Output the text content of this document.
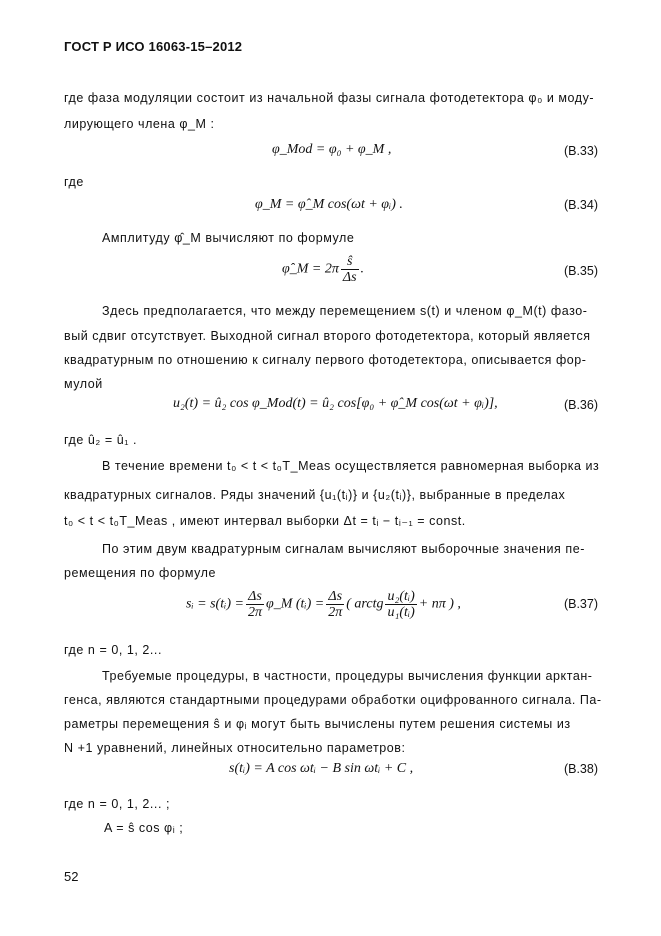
ГОСТ Р ИСО 16063-15–2012
где фаза модуляции состоит из начальной фазы сигнала фотодетектора φ₀ и моду-
лирующего члена φ_M :
φ_Mod = φ₀ + φ_M ,	(В.33)
где
φ_M = φ̂_M cos(ωt + φᵢ) .	(В.34)
Амплитуду φ̂_M вычисляют по формуле
φ̂_M = $2\pi \frac{ŝ}{\Delta s}$ .	(В.35)
Здесь предполагается, что между перемещением s(t) и членом φ_M(t) фазо-
вый сдвиг отсутствует. Выходной сигнал второго фотодетектора, который является
квадратурным по отношению к сигналу первого фотодетектора, описывается фор-
мулой
u₂(t) = û₂ cos φ_Mod(t) = û₂ cos[φ₀ + φ̂_M cos(ωt + φᵢ)],	(В.36)
где û₂ = û₁ .
В течение времени t₀ < t < t₀T_Meas осуществляется равномерная выборка из
квадратурных сигналов. Ряды значений {u₁(tᵢ)} и {u₂(tᵢ)}, выбранные в пределах
t₀ < t < t₀T_Meas , имеют интервал выборки Δt = tᵢ − tᵢ₋₁ = const.
По этим двум квадратурным сигналам вычисляют выборочные значения пе-
ремещения по формуле
sᵢ = s(tᵢ) = $\frac{\Delta s}{2\pi}$ φ_M (tᵢ) = $\frac{\Delta s}{2\pi}$ ( arctg $\frac{\text{u₂(tᵢ)}}{\text{u₁(tᵢ)}} + n\pi$ ) ,	(В.37)
где n = 0, 1, 2...
Требуемые процедуры, в частности, процедуры вычисления функции арктан-
генса, являются стандартными процедурами обработки оцифрованного сигнала. Па-
раметры перемещения ŝ и φᵢ могут быть вычислены путем решения системы из
N +1 уравнений, линейных относительно параметров:
s(tᵢ) = A cos ωtᵢ − B sin ωtᵢ + C ,	(В.38)
где n = 0, 1, 2... ;
A = ŝ cos φᵢ ;
52
